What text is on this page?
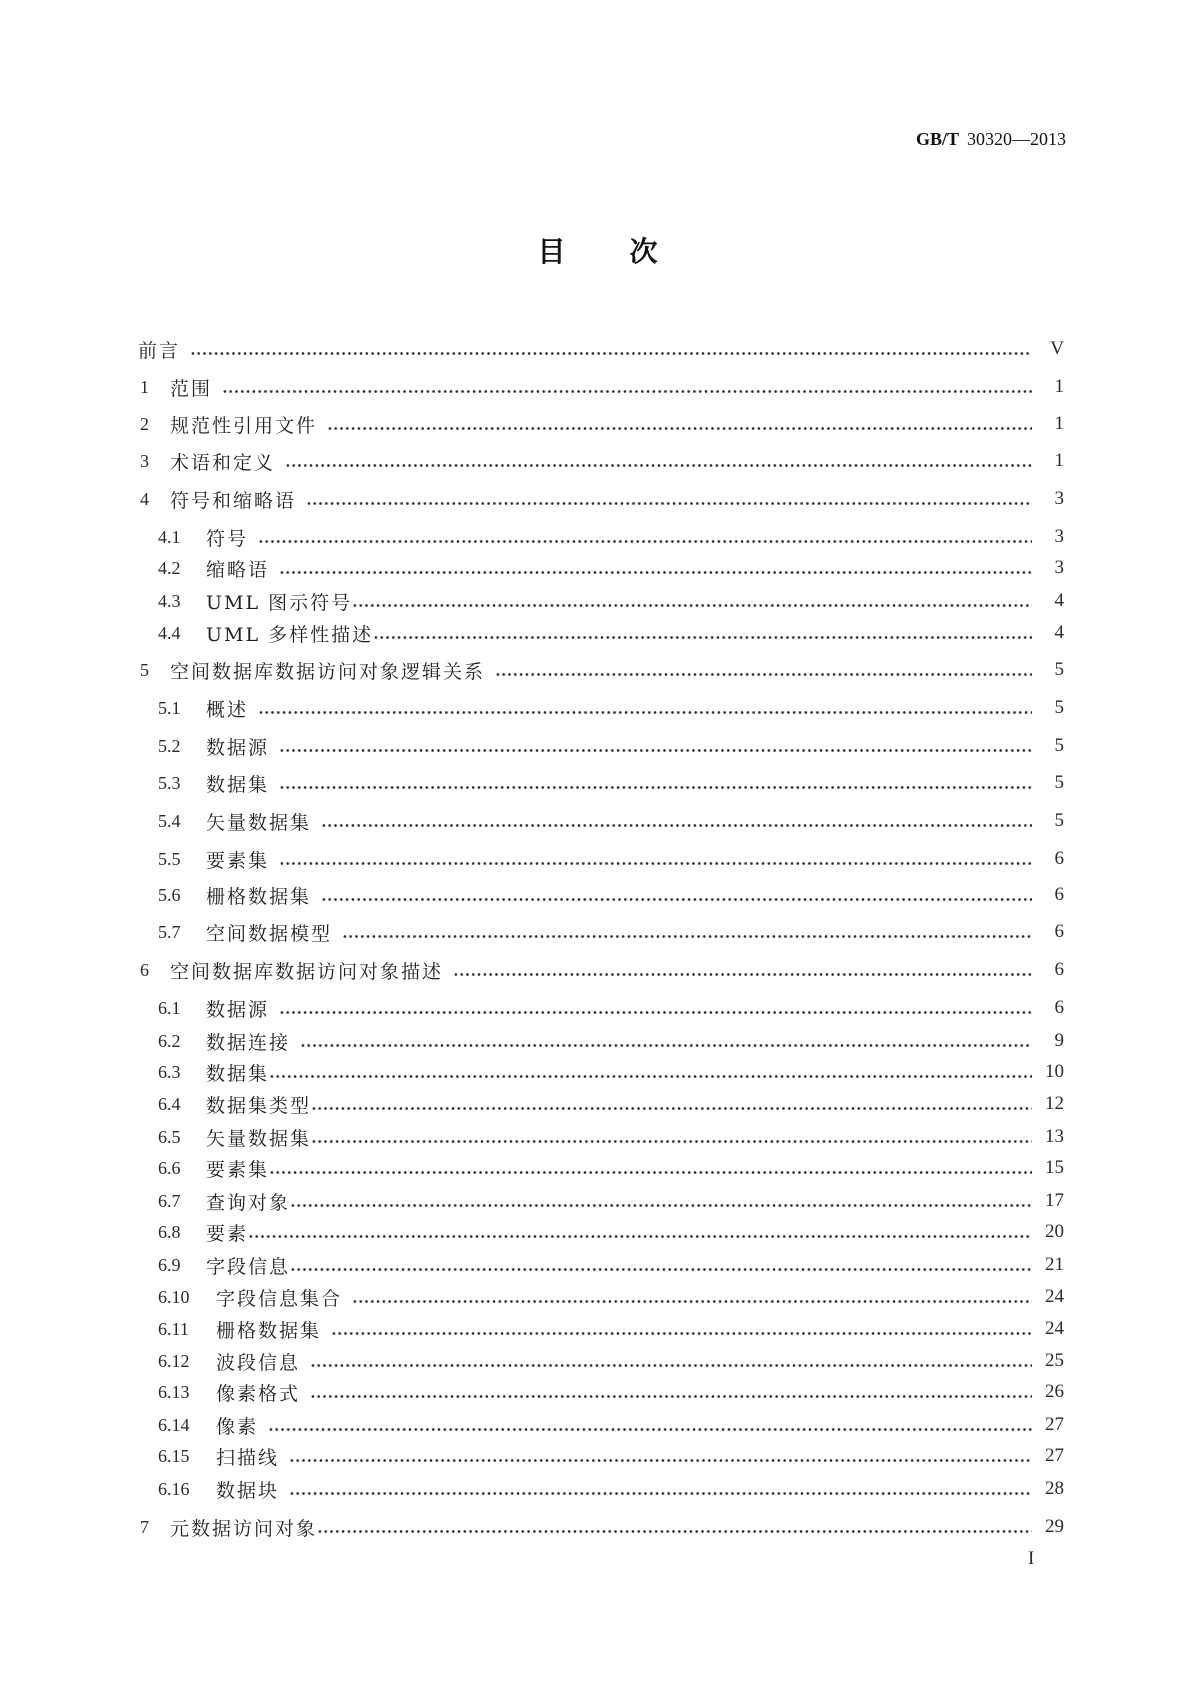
GB/T 30320—2013
目　次
前言	V
1	范围	1
2	规范性引用文件	1
3	术语和定义	1
4	符号和缩略语	3
4.1	符号	3
4.2	缩略语	3
4.3	UML 图示符号	4
4.4	UML 多样性描述	4
5	空间数据库数据访问对象逻辑关系	5
5.1	概述	5
5.2	数据源	5
5.3	数据集	5
5.4	矢量数据集	5
5.5	要素集	6
5.6	栅格数据集	6
5.7	空间数据模型	6
6	空间数据库数据访问对象描述	6
6.1	数据源	6
6.2	数据连接	9
6.3	数据集	10
6.4	数据集类型	12
6.5	矢量数据集	13
6.6	要素集	15
6.7	查询对象	17
6.8	要素	20
6.9	字段信息	21
6.10	字段信息集合	24
6.11	栅格数据集	24
6.12	波段信息	25
6.13	像素格式	26
6.14	像素	27
6.15	扫描线	27
6.16	数据块	28
7	元数据访问对象	29
I
